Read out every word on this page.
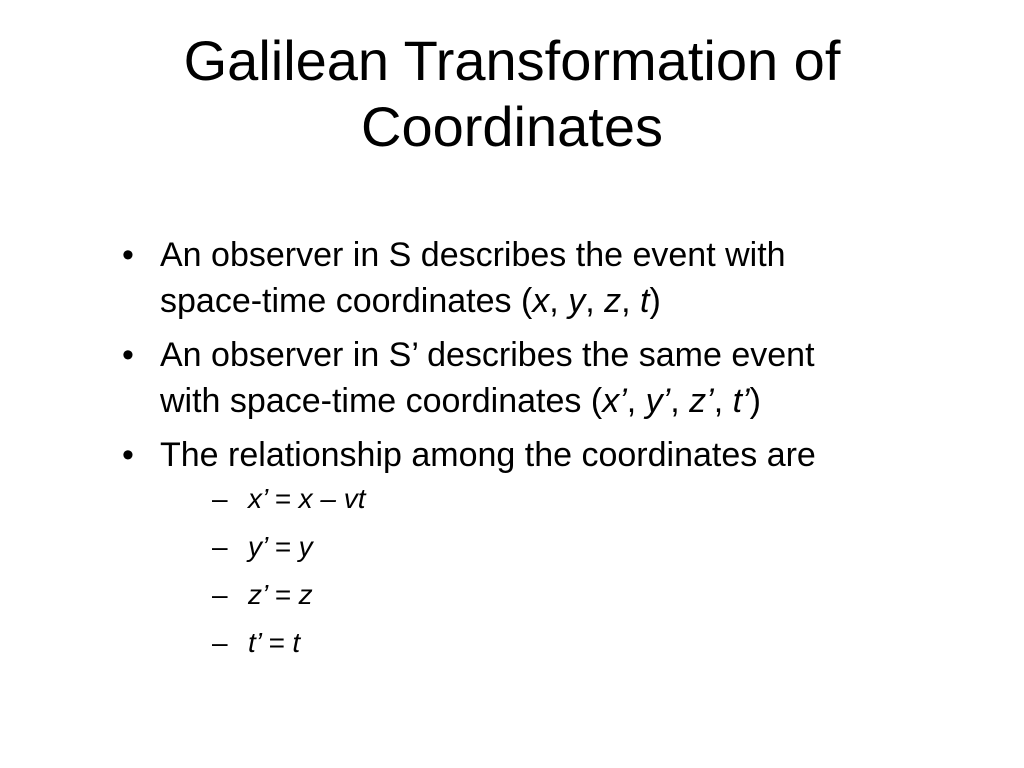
Galilean Transformation of
Coordinates
• An observer in S describes the event with
space-time coordinates (x, y, z, t)
• An observer in S’ describes the same event
with space-time coordinates (x’, y’, z’, t’)
• The relationship among the coordinates are
– x’ = x – vt
– y’ = y
– z’ = z
– t’ = t
